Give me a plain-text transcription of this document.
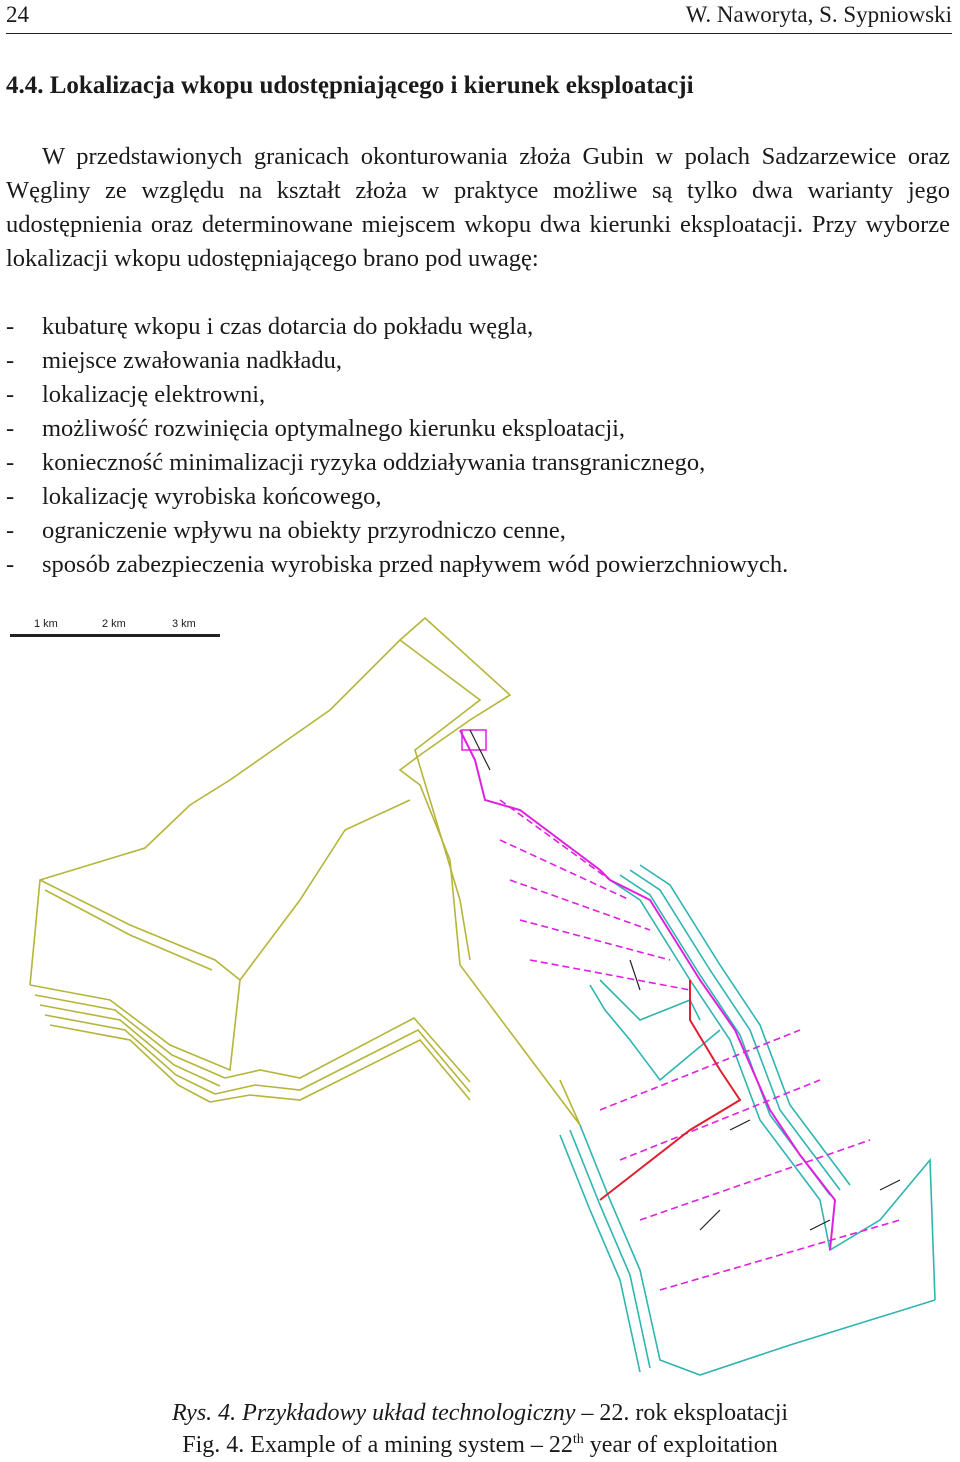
24	W. Naworyta, S. Sypniowski
4.4. Lokalizacja wkopu udostępniającego i kierunek eksploatacji

W przedstawionych granicach okonturowania złoża Gubin w polach Sadzarzewice oraz Węgliny ze względu na kształt złoża w praktyce możliwe są tylko dwa warianty jego udostępnienia oraz determinowane miejscem wkopu dwa kierunki eksploatacji. Przy wyborze lokalizacji wkopu udostępniającego brano pod uwagę:

- kubaturę wkopu i czas dotarcia do pokładu węgla,
- miejsce zwałowania nadkładu,
- lokalizację elektrowni,
- możliwość rozwinięcia optymalnego kierunku eksploatacji,
- konieczność minimalizacji ryzyka oddziaływania transgranicznego,
- lokalizację wyrobiska końcowego,
- ograniczenie wpływu na obiekty przyrodniczo cenne,
- sposób zabezpieczenia wyrobiska przed napływem wód powierzchniowych.
1 km	2 km	3 km
Rys. 4. Przykładowy układ technologiczny – 22. rok eksploatacji
Fig. 4. Example of a mining system – 22th year of exploitation
